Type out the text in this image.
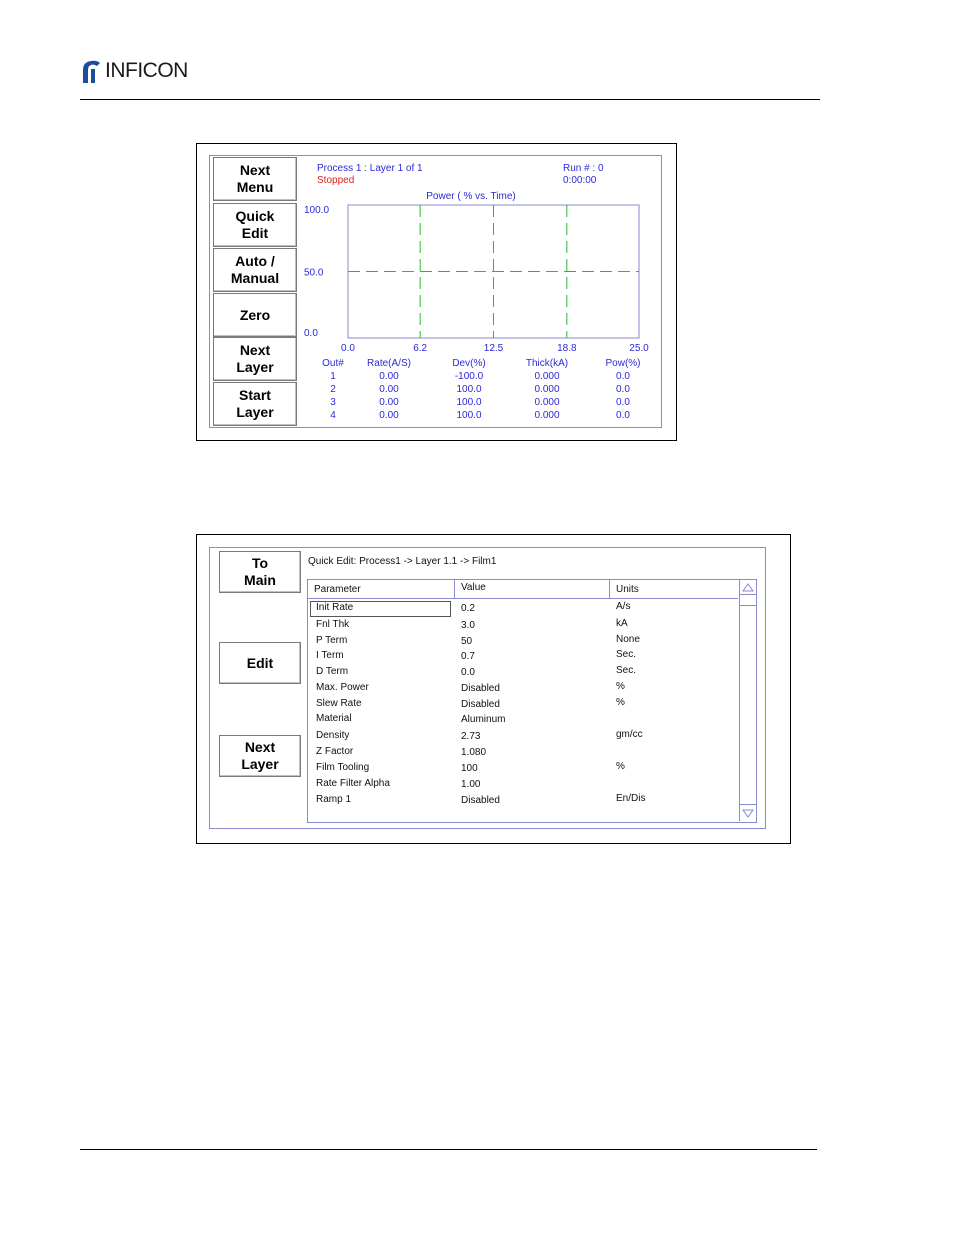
INFICON
Next
Menu
Quick
Edit
Auto /
Manual
Zero
Next
Layer
Start
Layer
Process 1 : Layer 1 of 1
Stopped
Run # : 0
0:00:00
Power ( % vs. Time)
100.0
50.0
0.0
0.0	6.2	12.5	18.8	25.0
Out#	Rate(A/S)	Dev(%)	Thick(kA)	Pow(%)
1	0.00	-100.0	0.000	0.0
2	0.00	100.0	0.000	0.0
3	0.00	100.0	0.000	0.0
4	0.00	100.0	0.000	0.0
To
Main
Edit
Next
Layer
Quick Edit: Process1 -> Layer 1.1 -> Film1
Parameter	Value	Units
Init Rate	0.2	A/s
Fnl Thk	3.0	kA
P Term	50	None
I Term	0.7	Sec.
D Term	0.0	Sec.
Max. Power	Disabled	%
Slew Rate	Disabled	%
Material	Aluminum
Density	2.73	gm/cc
Z Factor	1.080
Film Tooling	100	%
Rate Filter Alpha	1.00
Ramp 1	Disabled	En/Dis
